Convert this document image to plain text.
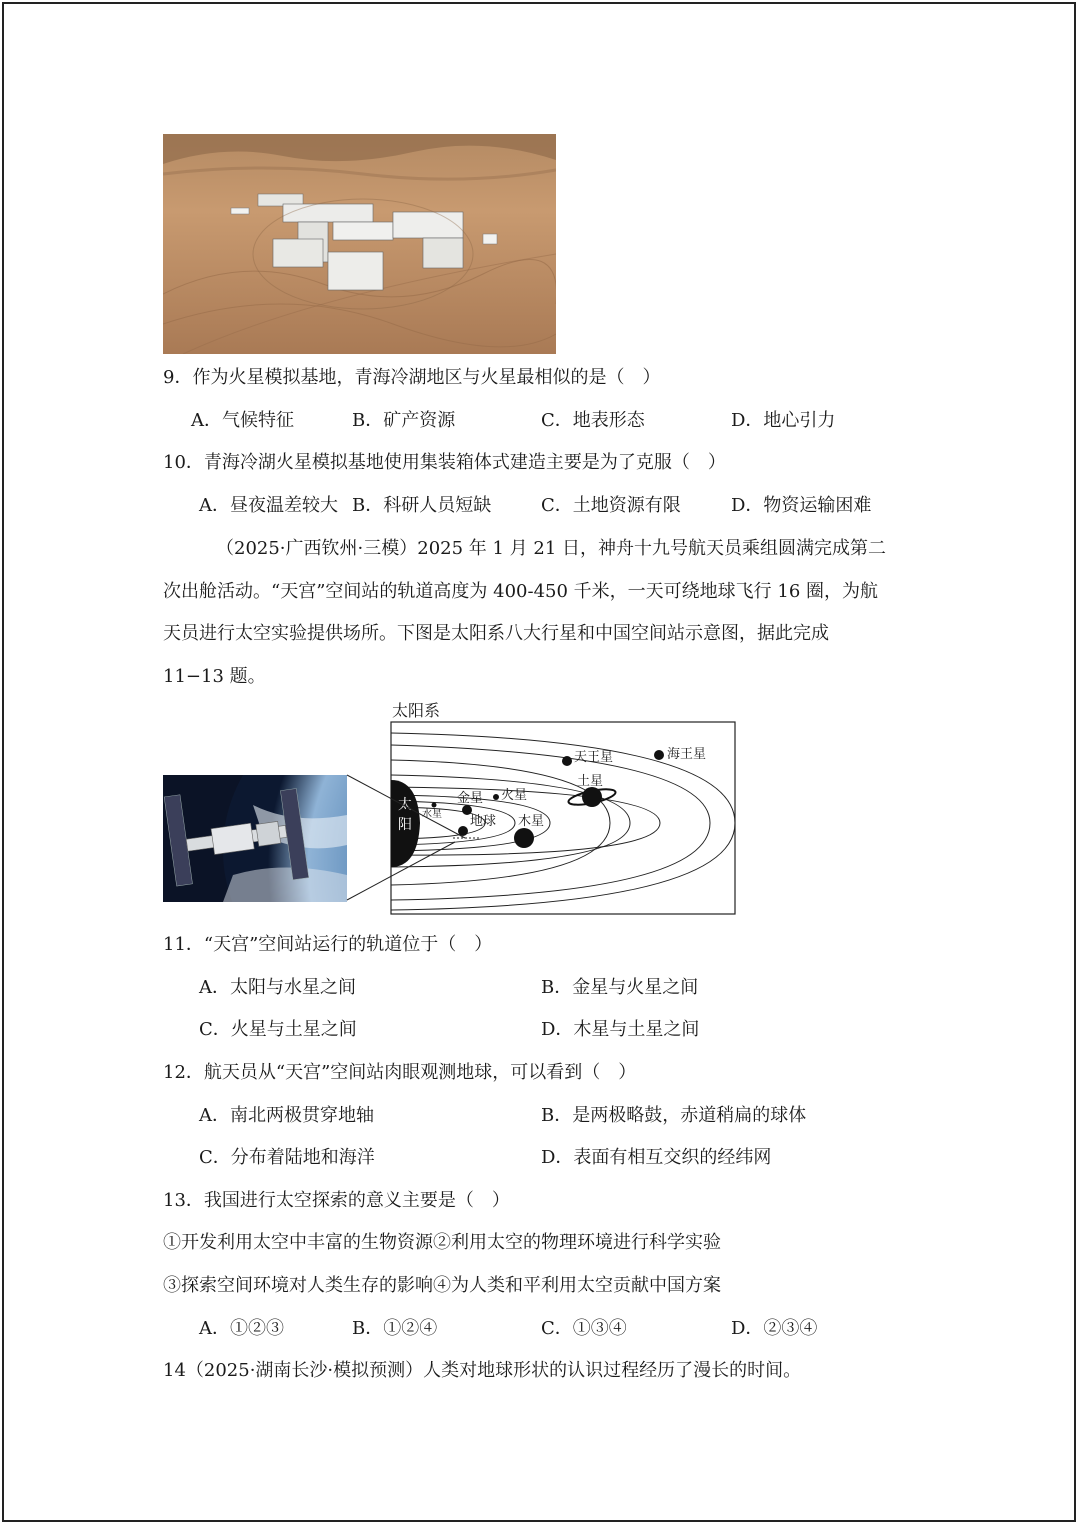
9．作为火星模拟基地，青海冷湖地区与火星最相似的是（　）
A．气候特征	B．矿产资源	C．地表形态	D．地心引力
10．青海冷湖火星模拟基地使用集装箱体式建造主要是为了克服（　）
A．昼夜温差较大 B．科研人员短缺	C．土地资源有限	D．物资运输困难
（2025·广西钦州·三模）2025 年 1 月 21 日，神舟十九号航天员乘组圆满完成第二
次出舱活动。“天宫”空间站的轨道高度为 400-450 千米，一天可绕地球飞行 16 圈，为航
天员进行太空实验提供场所。下图是太阳系八大行星和中国空间站示意图，据此完成
11−13 题。
太阳系
太
阳
水星
金星
地球
火星
木星
土星
天王星	海王星
11．“天宫”空间站运行的轨道位于（　）
A．太阳与水星之间	B．金星与火星之间
C．火星与土星之间	D．木星与土星之间
12．航天员从“天宫”空间站肉眼观测地球，可以看到（　）
A．南北两极贯穿地轴	B．是两极略鼓，赤道稍扁的球体
C．分布着陆地和海洋	D．表面有相互交织的经纬网
13．我国进行太空探索的意义主要是（　）
①开发利用太空中丰富的生物资源②利用太空的物理环境进行科学实验
③探索空间环境对人类生存的影响④为人类和平利用太空贡献中国方案
A．①②③	B．①②④	C．①③④	D．②③④
14（2025·湖南长沙·模拟预测）人类对地球形状的认识过程经历了漫长的时间。
